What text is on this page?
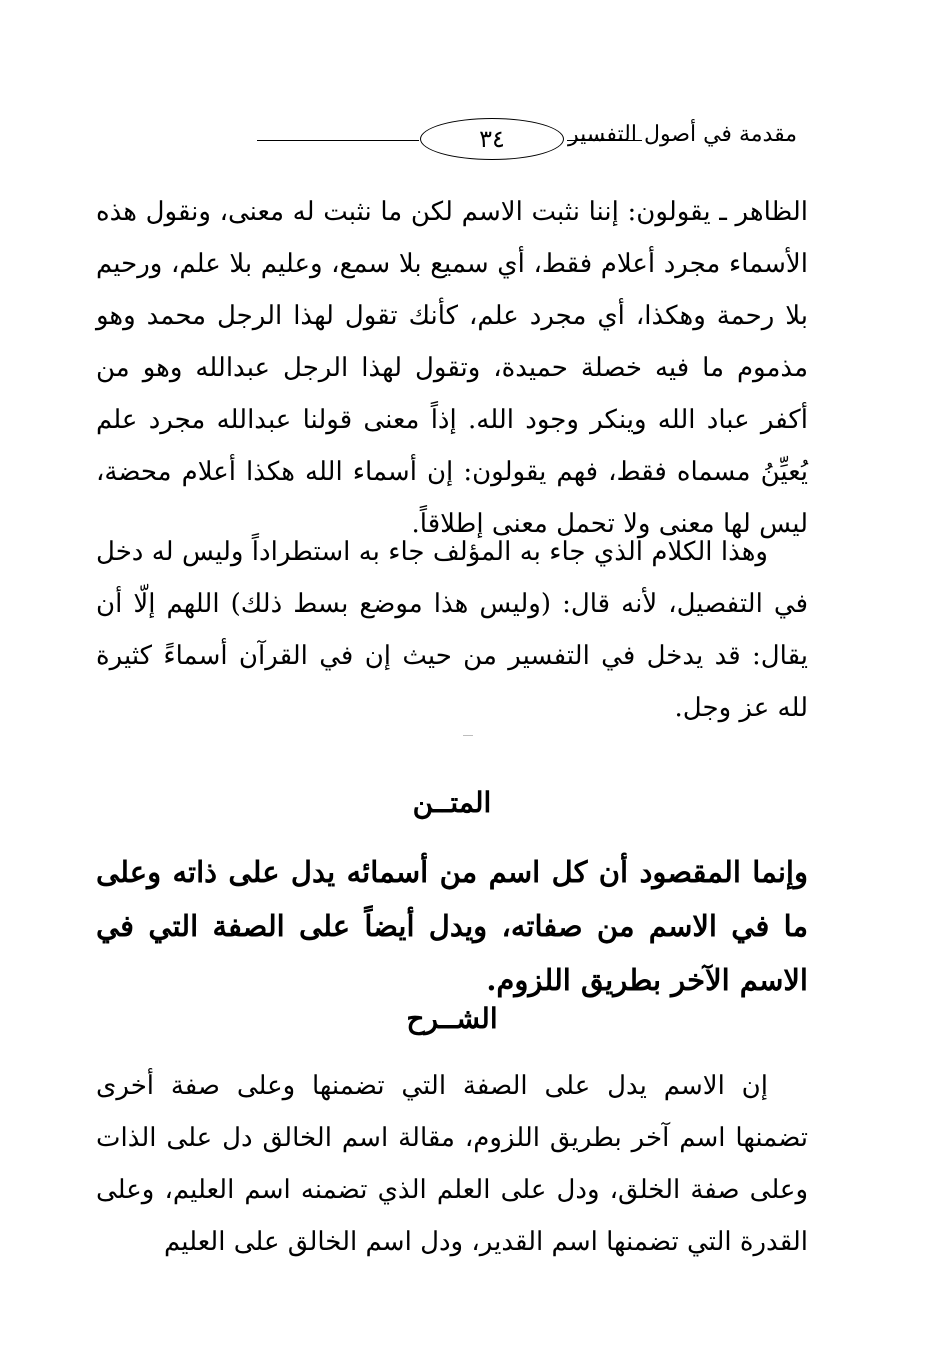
مقدمة في أصول التفسير
٣٤
الظاهر ـ يقولون: إننا نثبت الاسم لكن ما نثبت له معنى، ونقول هذه الأسماء مجرد أعلام فقط، أي سميع بلا سمع، وعليم بلا علم، ورحيم بلا رحمة وهكذا، أي مجرد علم، كأنك تقول لهذا الرجل محمد وهو مذموم ما فيه خصلة حميدة، وتقول لهذا الرجل عبدالله وهو من أكفر عباد الله وينكر وجود الله. إذاً معنى قولنا عبدالله مجرد علم يُعيِّنُ مسماه فقط، فهم يقولون: إن أسماء الله هكذا أعلام محضة، ليس لها معنى ولا تحمل معنى إطلاقاً.
وهذا الكلام الذي جاء به المؤلف جاء به استطراداً وليس له دخل في التفصيل، لأنه قال: (وليس هذا موضع بسط ذلك) اللهم إلّا أن يقال: قد يدخل في التفسير من حيث إن في القرآن أسماءً كثيرة لله عز وجل.
المتــن
وإنما المقصود أن كل اسم من أسمائه يدل على ذاته وعلى ما في الاسم من صفاته، ويدل أيضاً على الصفة التي في الاسم الآخر بطريق اللزوم.
الشــرح
إن الاسم يدل على الصفة التي تضمنها وعلى صفة أخرى تضمنها اسم آخر بطريق اللزوم، مقالة اسم الخالق دل على الذات وعلى صفة الخلق، ودل على العلم الذي تضمنه اسم العليم، وعلى القدرة التي تضمنها اسم القدير، ودل اسم الخالق على العليم
